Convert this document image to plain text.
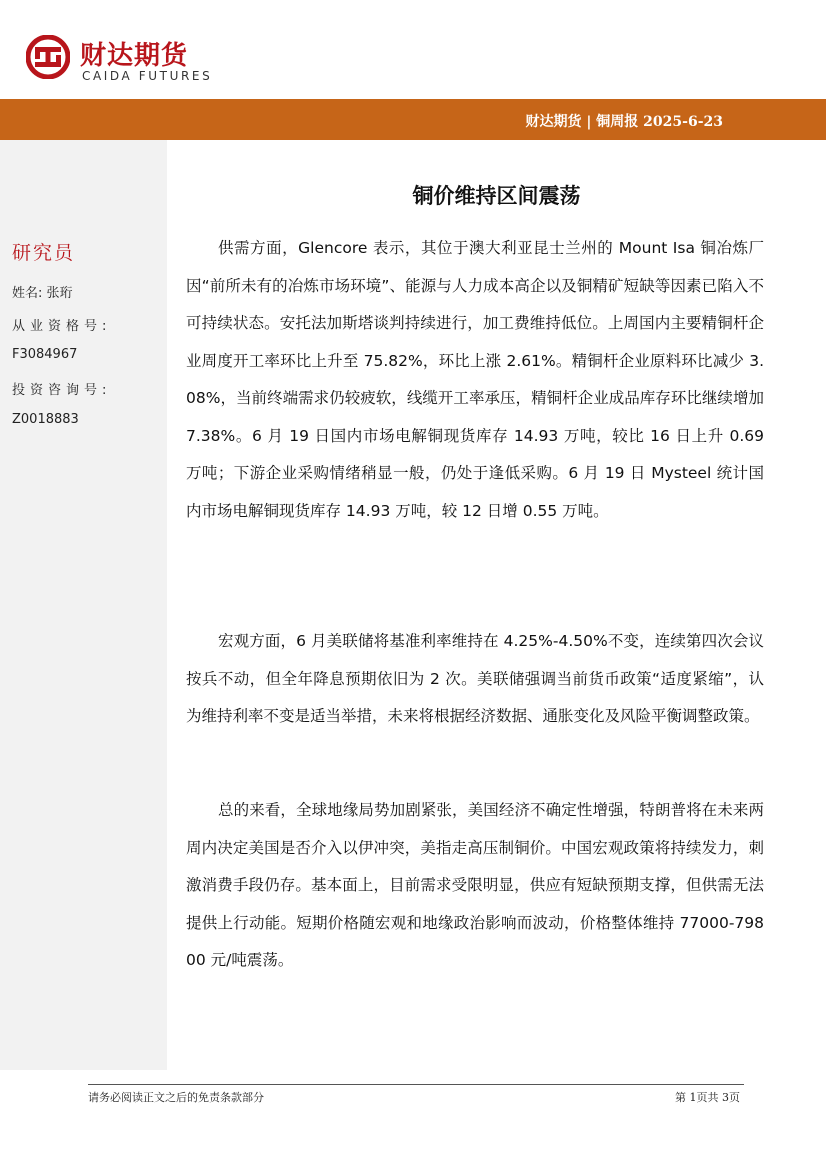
财达期货
CAIDA FUTURES
财达期货 | 铜周报 2025-6-23
研究员
姓名: 张珩
从业资格号:
F3084967
投资咨询号:
Z0018883
铜价维持区间震荡

供需方面，Glencore 表示，其位于澳大利亚昆士兰州的 Mount Isa 铜冶炼厂因“前所未有的冶炼市场环境”、能源与人力成本高企以及铜精矿短缺等因素已陷入不可持续状态。安托法加斯塔谈判持续进行，加工费维持低位。上周国内主要精铜杆企业周度开工率环比上升至 75.82%，环比上涨 2.61%。精铜杆企业原料环比减少 3.08%，当前终端需求仍较疲软，线缆开工率承压，精铜杆企业成品库存环比继续增加 7.38%。6 月 19 日国内市场电解铜现货库存 14.93 万吨，较比 16 日上升 0.69 万吨；下游企业采购情绪稍显一般，仍处于逢低采购。6 月 19 日 Mysteel 统计国内市场电解铜现货库存 14.93 万吨，较 12 日增 0.55 万吨。

宏观方面，6 月美联储将基准利率维持在 4.25%-4.50%不变，连续第四次会议按兵不动，但全年降息预期依旧为 2 次。美联储强调当前货币政策“适度紧缩”，认为维持利率不变是适当举措，未来将根据经济数据、通胀变化及风险平衡调整政策。

总的来看，全球地缘局势加剧紧张，美国经济不确定性增强，特朗普将在未来两周内决定美国是否介入以伊冲突，美指走高压制铜价。中国宏观政策将持续发力，刺激消费手段仍存。基本面上，目前需求受限明显，供应有短缺预期支撑，但供需无法提供上行动能。短期价格随宏观和地缘政治影响而波动，价格整体维持 77000-79800 元/吨震荡。

请务必阅读正文之后的免责条款部分	第 1页共 3页
